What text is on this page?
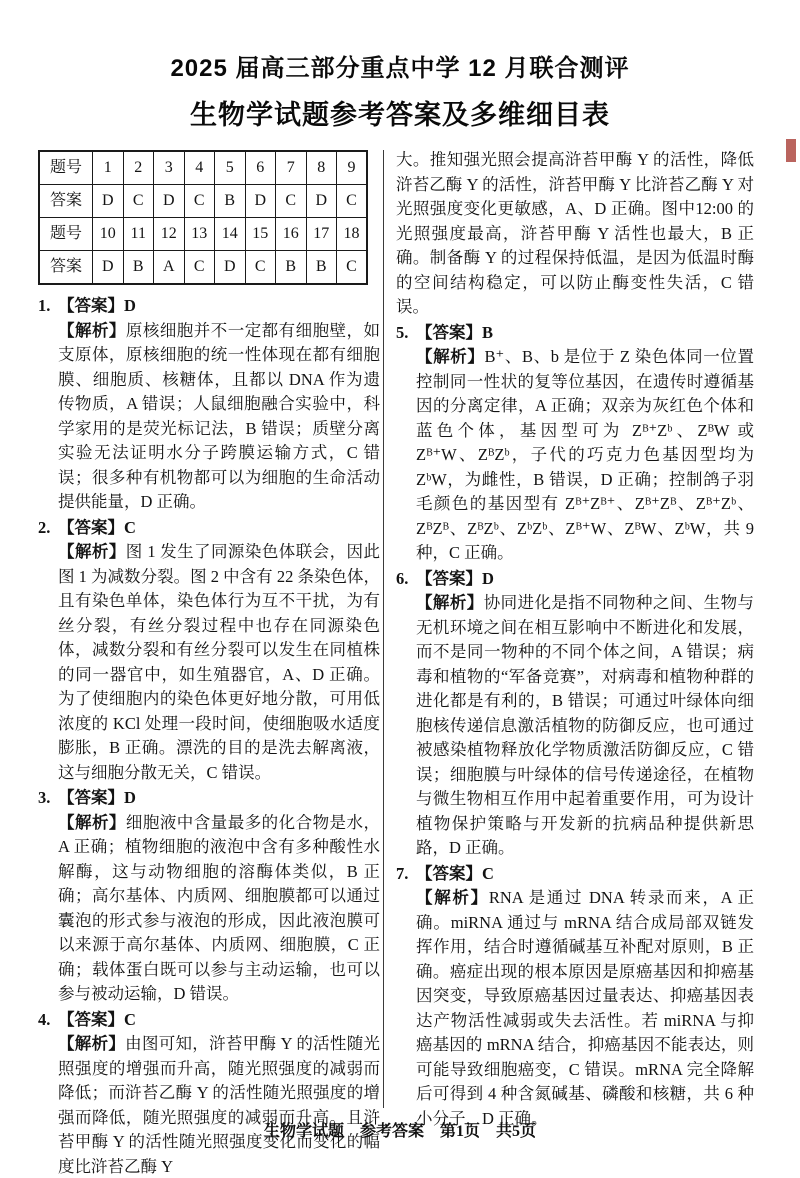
2025 届高三部分重点中学 12 月联合测评
生物学试题参考答案及多维细目表
题号	1	2	3	4	5	6	7	8	9
答案	D	C	D	C	B	D	C	D	C
题号	10	11	12	13	14	15	16	17	18
答案	D	B	A	C	D	C	B	B	C

1. 【答案】D

【解析】原核细胞并不一定都有细胞壁，如支原体，原核细胞的统一性体现在都有细胞膜、细胞质、核糖体，且都以 DNA 作为遗传物质，A 错误；人鼠细胞融合实验中，科学家用的是荧光标记法，B 错误；质壁分离实验无法证明水分子跨膜运输方式，C 错误；很多种有机物都可以为细胞的生命活动提供能量，D 正确。

2. 【答案】C

【解析】图 1 发生了同源染色体联会，因此图 1 为减数分裂。图 2 中含有 22 条染色体，且有染色单体，染色体行为互不干扰，为有丝分裂，有丝分裂过程中也存在同源染色体，减数分裂和有丝分裂可以发生在同植株的同一器官中，如生殖器官，A、D 正确。为了使细胞内的染色体更好地分散，可用低浓度的 KCl 处理一段时间，使细胞吸水适度膨胀，B 正确。漂洗的目的是洗去解离液，这与细胞分散无关，C 错误。

3. 【答案】D

【解析】细胞液中含量最多的化合物是水，A 正确；植物细胞的液泡中含有多种酸性水解酶，这与动物细胞的溶酶体类似，B 正确；高尔基体、内质网、细胞膜都可以通过囊泡的形式参与液泡的形成，因此液泡膜可以来源于高尔基体、内质网、细胞膜，C 正确；载体蛋白既可以参与主动运输，也可以参与被动运输，D 错误。

4. 【答案】C

【解析】由图可知，浒苔甲酶 Y 的活性随光照强度的增强而升高，随光照强度的减弱而降低；而浒苔乙酶 Y 的活性随光照强度的增强而降低，随光照强度的减弱而升高。且浒苔甲酶 Y 的活性随光照强度变化而变化的幅度比浒苔乙酶 Y

大。推知强光照会提高浒苔甲酶 Y 的活性，降低浒苔乙酶 Y 的活性，浒苔甲酶 Y 比浒苔乙酶 Y 对光照强度变化更敏感，A、D 正确。图中12:00 的光照强度最高，浒苔甲酶 Y 活性也最大，B 正确。制备酶 Y 的过程保持低温，是因为低温时酶的空间结构稳定，可以防止酶变性失活，C 错误。

5. 【答案】B

【解析】B⁺、B、b 是位于 Z 染色体同一位置控制同一性状的复等位基因，在遗传时遵循基因的分离定律，A 正确；双亲为灰红色个体和蓝色个体，基因型可为 Zᴮ⁺Zᵇ、ZᴮW 或 Zᴮ⁺W、ZᴮZᵇ，子代的巧克力色基因型均为 ZᵇW，为雌性，B 错误，D 正确；控制鸽子羽毛颜色的基因型有 Zᴮ⁺Zᴮ⁺、Zᴮ⁺Zᴮ、Zᴮ⁺Zᵇ、ZᴮZᴮ、ZᴮZᵇ、ZᵇZᵇ、Zᴮ⁺W、ZᴮW、ZᵇW，共 9 种，C 正确。

6. 【答案】D

【解析】协同进化是指不同物种之间、生物与无机环境之间在相互影响中不断进化和发展，而不是同一物种的不同个体之间，A 错误；病毒和植物的“军备竞赛”，对病毒和植物种群的进化都是有利的，B 错误；可通过叶绿体向细胞核传递信息激活植物的防御反应，也可通过被感染植物释放化学物质激活防御反应，C 错误；细胞膜与叶绿体的信号传递途径，在植物与微生物相互作用中起着重要作用，可为设计植物保护策略与开发新的抗病品种提供新思路，D 正确。

7. 【答案】C

【解析】RNA 是通过 DNA 转录而来，A 正确。miRNA 通过与 mRNA 结合成局部双链发挥作用，结合时遵循碱基互补配对原则，B 正确。癌症出现的根本原因是原癌基因和抑癌基因突变，导致原癌基因过量表达、抑癌基因表达产物活性减弱或失去活性。若 miRNA 与抑癌基因的 mRNA 结合，抑癌基因不能表达，则可能导致细胞癌变，C 错误。mRNA 完全降解后可得到 4 种含氮碱基、磷酸和核糖，共 6 种小分子，D 正确。

生物学试题　参考答案　第1页　共5页
